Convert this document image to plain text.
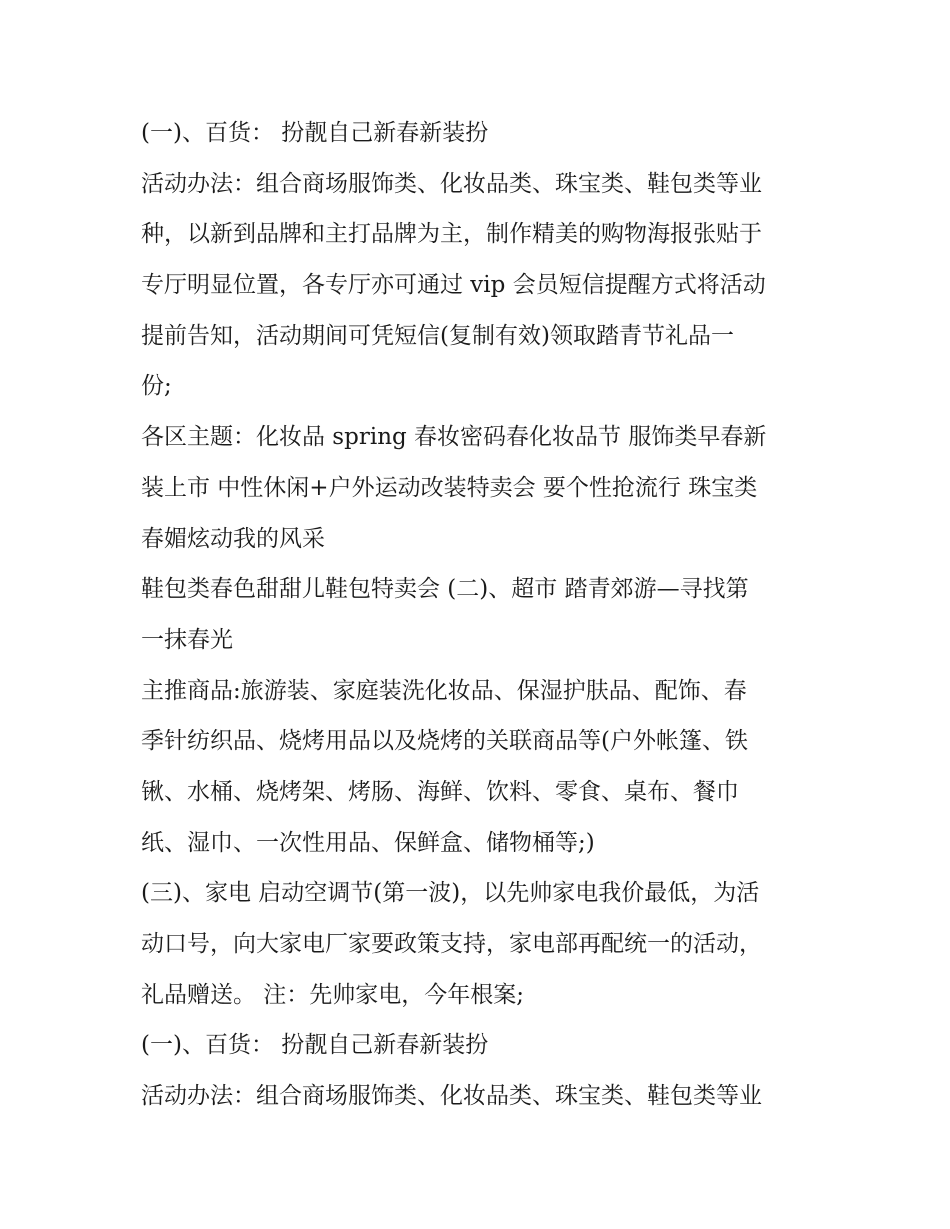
(一)、百货： 扮靓自己新春新装扮
活动办法：组合商场服饰类、化妆品类、珠宝类、鞋包类等业
种，以新到品牌和主打品牌为主，制作精美的购物海报张贴于
专厅明显位置，各专厅亦可通过 vip 会员短信提醒方式将活动
提前告知，活动期间可凭短信(复制有效)领取踏青节礼品一
份;
各区主题：化妆品 spring 春妆密码春化妆品节 服饰类早春新
装上市 中性休闲+户外运动改装特卖会 要个性抢流行 珠宝类
春媚炫动我的风采
鞋包类春色甜甜儿鞋包特卖会 (二)、超市 踏青郊游—寻找第
一抹春光
主推商品:旅游装、家庭装洗化妆品、保湿护肤品、配饰、春
季针纺织品、烧烤用品以及烧烤的关联商品等(户外帐篷、铁
锹、水桶、烧烤架、烤肠、海鲜、饮料、零食、桌布、餐巾
纸、湿巾、一次性用品、保鲜盒、储物桶等;)
(三)、家电 启动空调节(第一波)，以先帅家电我价最低，为活
动口号，向大家电厂家要政策支持，家电部再配统一的活动，
礼品赠送。 注：先帅家电，今年根案;
(一)、百货： 扮靓自己新春新装扮
活动办法：组合商场服饰类、化妆品类、珠宝类、鞋包类等业
